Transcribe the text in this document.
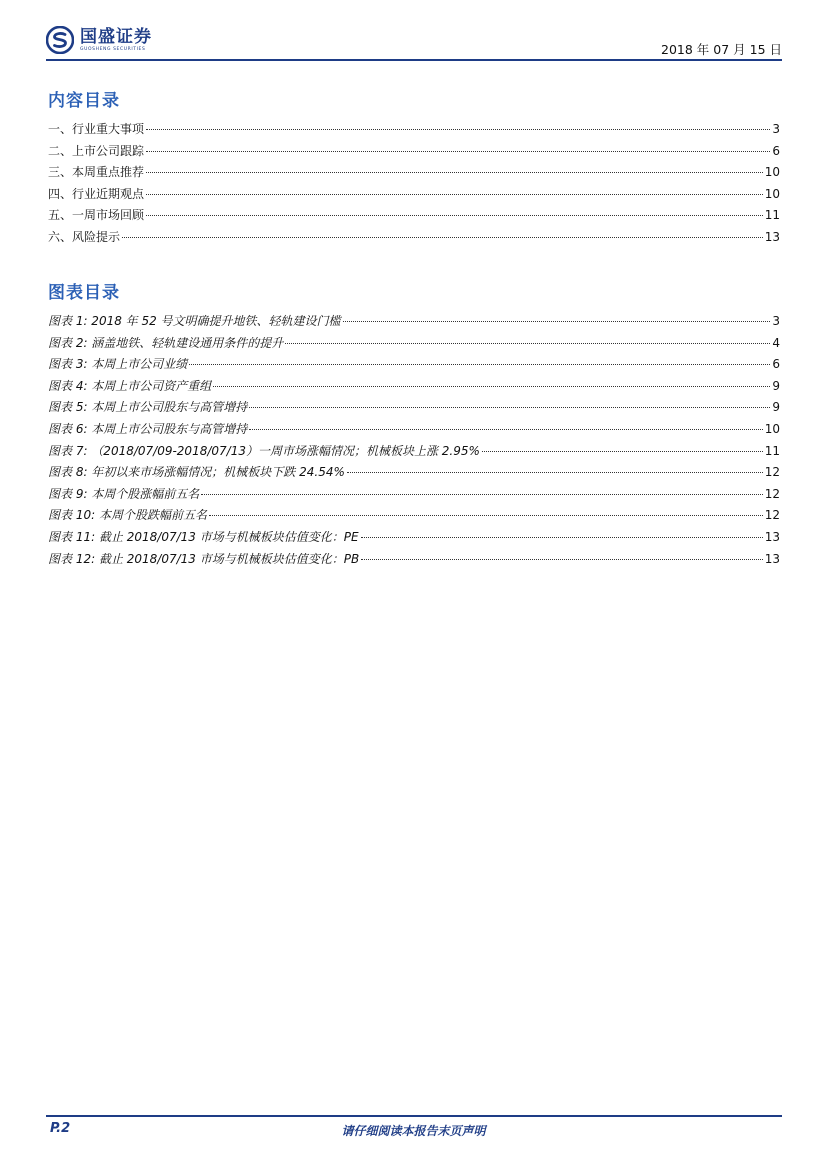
国盛证券
GUOSHENG SECURITIES	2018 年 07 月 15 日
内容目录
一、行业重大事项	3
二、上市公司跟踪	6
三、本周重点推荐	10
四、行业近期观点	10
五、一周市场回顾	11
六、风险提示	13
图表目录
图表 1: 2018 年 52 号文明确提升地铁、轻轨建设门槛	3
图表 2: 涵盖地铁、轻轨建设通用条件的提升	4
图表 3: 本周上市公司业绩	6
图表 4: 本周上市公司资产重组	9
图表 5: 本周上市公司股东与高管增持	9
图表 6: 本周上市公司股东与高管增持	10
图表 7: （2018/07/09-2018/07/13）一周市场涨幅情况；机械板块上涨 2.95%	11
图表 8: 年初以来市场涨幅情况；机械板块下跌 24.54%	12
图表 9: 本周个股涨幅前五名	12
图表 10: 本周个股跌幅前五名	12
图表 11: 截止 2018/07/13 市场与机械板块估值变化：PE	13
图表 12: 截止 2018/07/13 市场与机械板块估值变化：PB	13
P.2	请仔细阅读本报告末页声明
